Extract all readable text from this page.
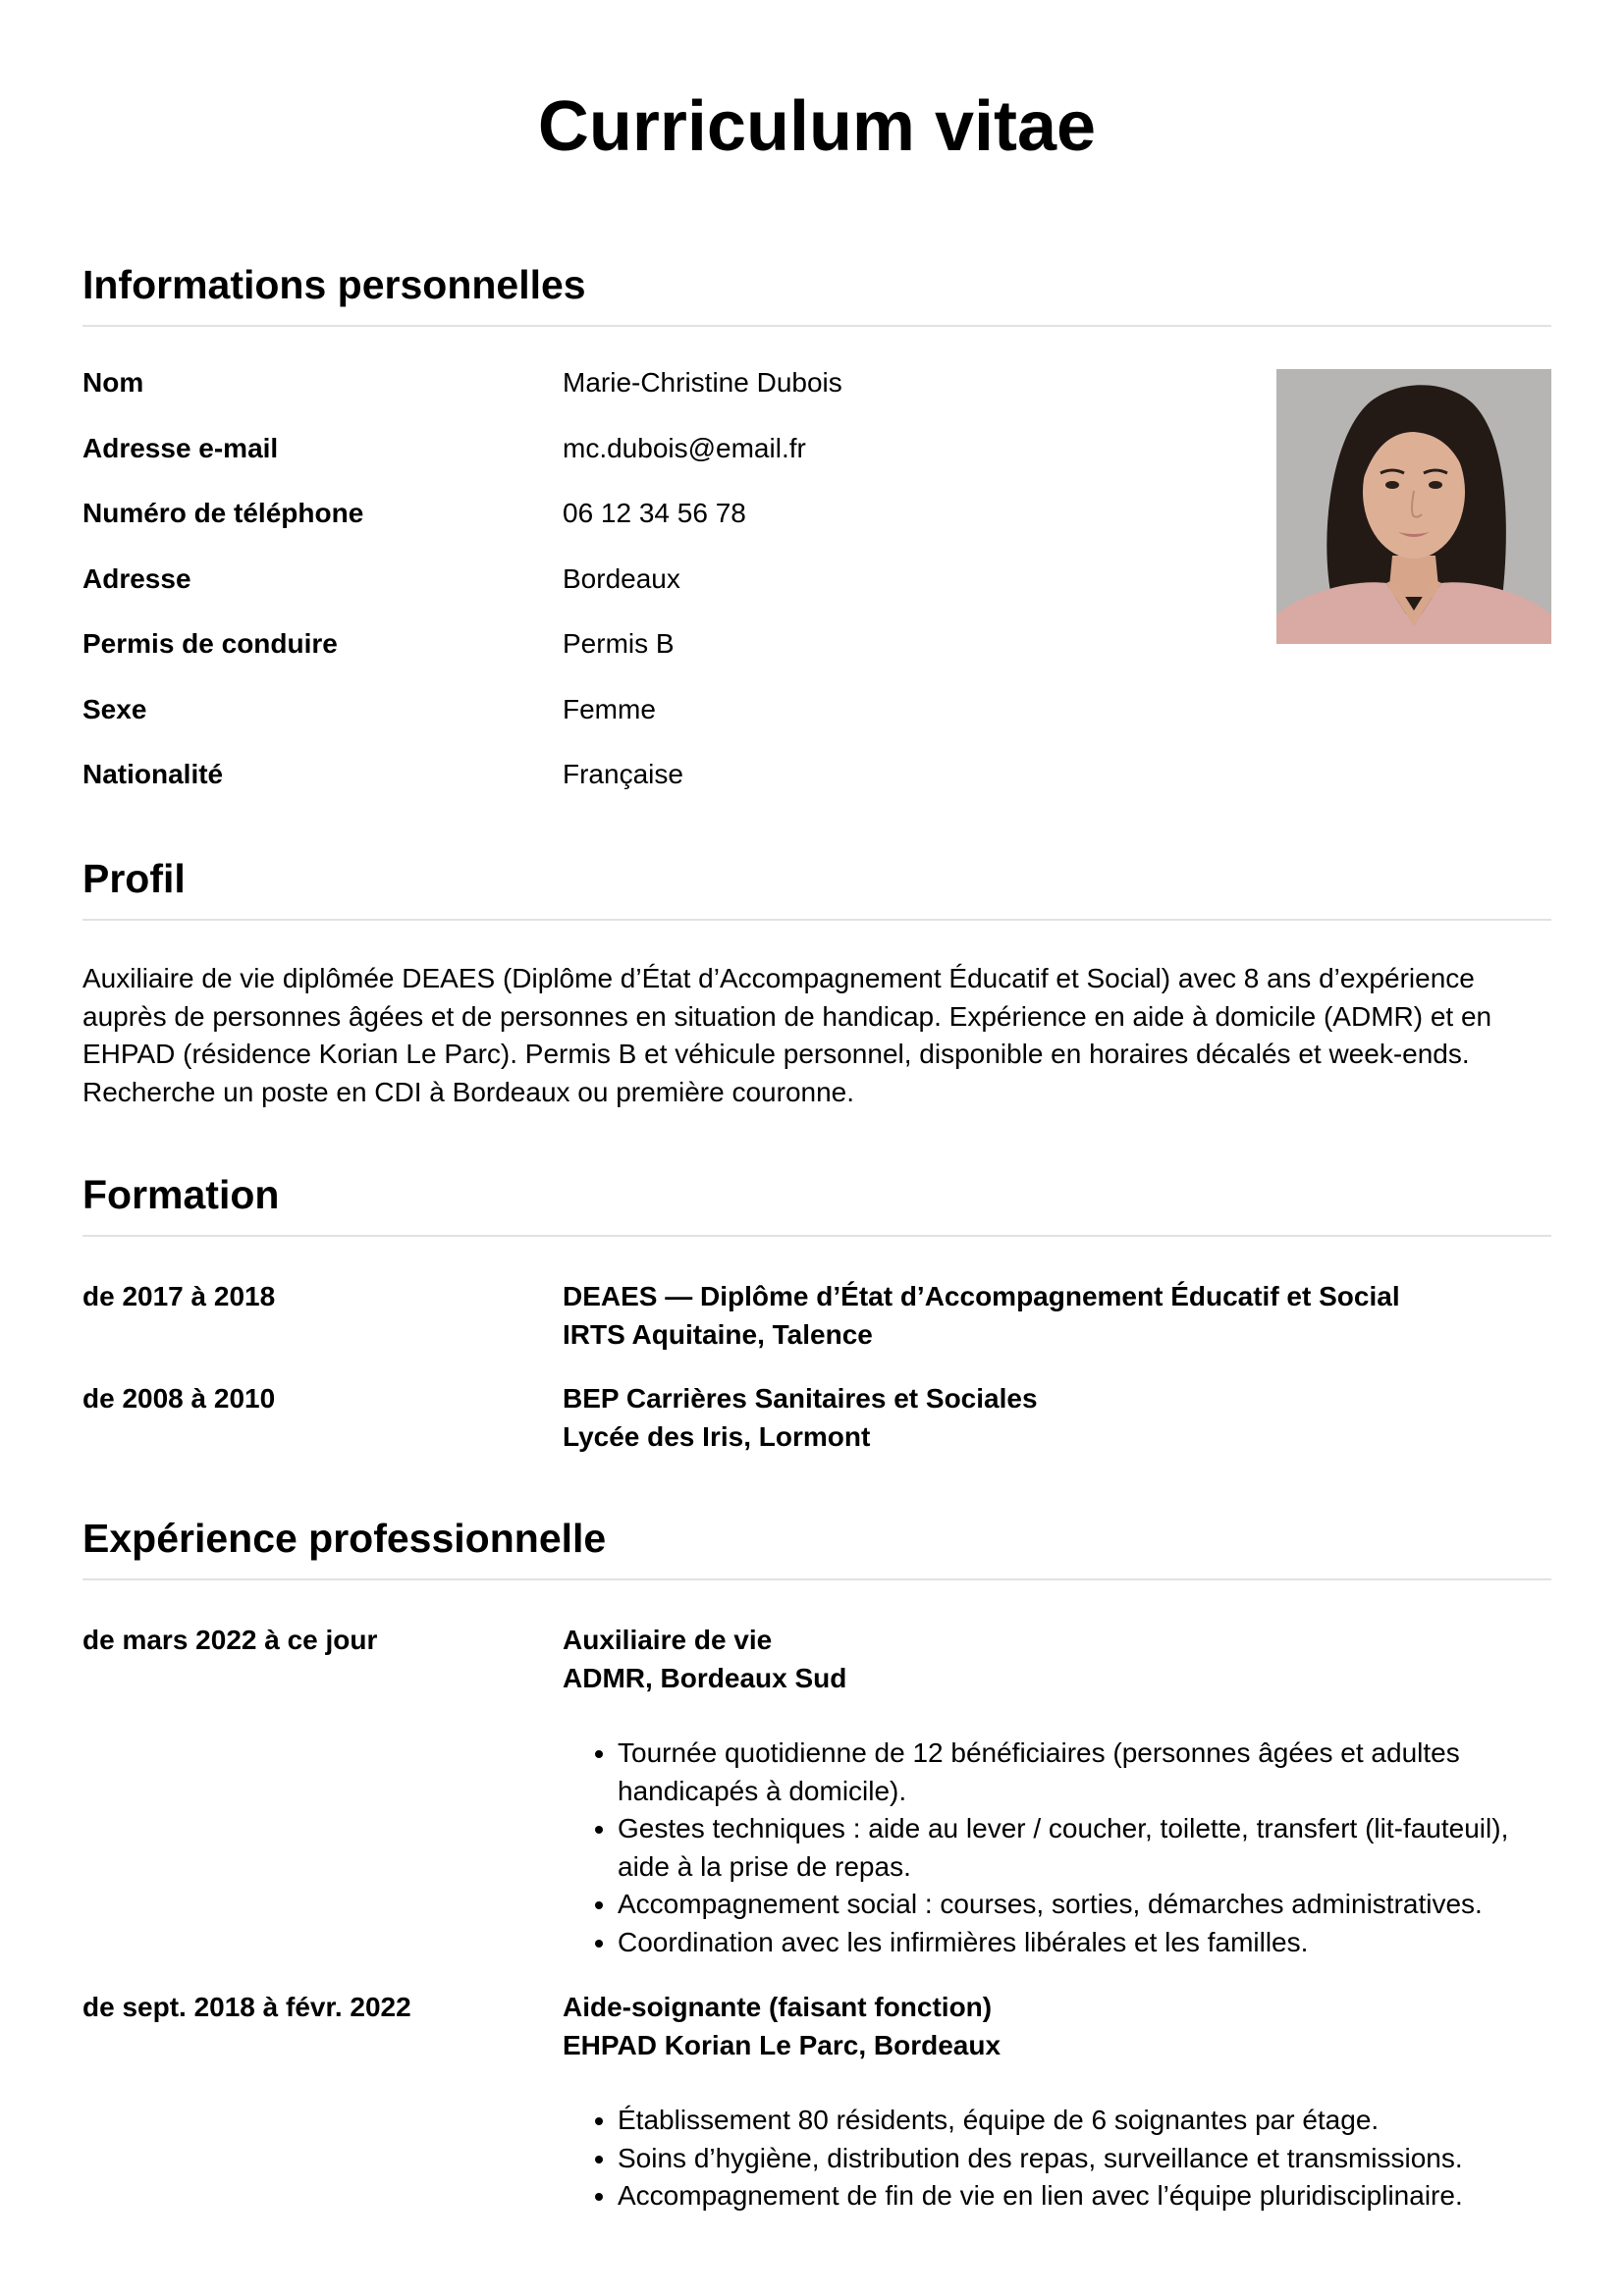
Curriculum vitae
Informations personnelles
Nom	Marie-Christine Dubois
Adresse e-mail	mc.dubois@email.fr
Numéro de téléphone	06 12 34 56 78
Adresse	Bordeaux
Permis de conduire	Permis B
Sexe	Femme
Nationalité	Française
Profil

Auxiliaire de vie diplômée DEAES (Diplôme d’État d’Accompagnement Éducatif et Social) avec 8 ans d’expérience auprès de personnes âgées et de personnes en situation de handicap. Expérience en aide à domicile (ADMR) et en EHPAD (résidence Korian Le Parc). Permis B et véhicule personnel, disponible en horaires décalés et week-ends. Recherche un poste en CDI à Bordeaux ou première couronne.

Formation
de 2017 à 2018	DEAES — Diplôme d’État d’Accompagnement Éducatif et Social
IRTS Aquitaine, Talence
de 2008 à 2010	BEP Carrières Sanitaires et Sociales
Lycée des Iris, Lormont
Expérience professionnelle
de mars 2022 à ce jour	Auxiliaire de vie
ADMR, Bordeaux Sud
• Tournée quotidienne de 12 bénéficiaires (personnes âgées et adultes handicapés à domicile).
• Gestes techniques : aide au lever / coucher, toilette, transfert (lit-fauteuil), aide à la prise de repas.
• Accompagnement social : courses, sorties, démarches administratives.
• Coordination avec les infirmières libérales et les familles.
de sept. 2018 à févr. 2022	Aide-soignante (faisant fonction)
EHPAD Korian Le Parc, Bordeaux
• Établissement 80 résidents, équipe de 6 soignantes par étage.
• Soins d’hygiène, distribution des repas, surveillance et transmissions.
• Accompagnement de fin de vie en lien avec l’équipe pluridisciplinaire.
